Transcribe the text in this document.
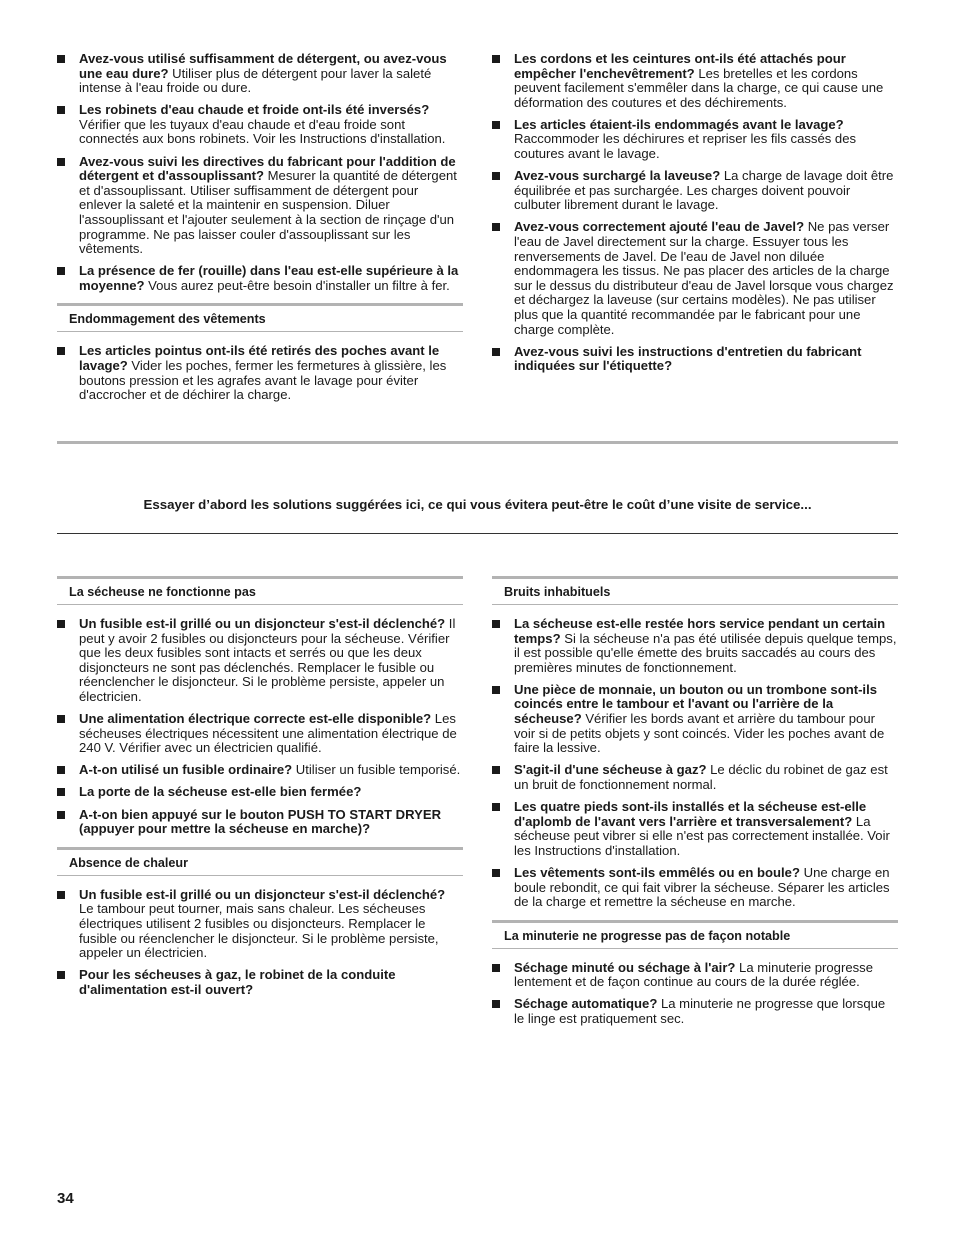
Avez-vous utilisé suffisamment de détergent, ou avez-vous une eau dure? Utiliser plus de détergent pour laver la saleté intense à l'eau froide ou dure.
Les robinets d'eau chaude et froide ont-ils été inversés? Vérifier que les tuyaux d'eau chaude et d'eau froide sont connectés aux bons robinets. Voir les Instructions d'installation.
Avez-vous suivi les directives du fabricant pour l'addition de détergent et d'assouplissant? Mesurer la quantité de détergent et d'assouplissant. Utiliser suffisamment de détergent pour enlever la saleté et la maintenir en suspension. Diluer l'assouplissant et l'ajouter seulement à la section de rinçage d'un programme. Ne pas laisser couler d'assouplissant sur les vêtements.
La présence de fer (rouille) dans l'eau est-elle supérieure à la moyenne? Vous aurez peut-être besoin d'installer un filtre à fer.
Endommagement des vêtements
Les articles pointus ont-ils été retirés des poches avant le lavage? Vider les poches, fermer les fermetures à glissière, les boutons pression et les agrafes avant le lavage pour éviter d'accrocher et de déchirer la charge.
Les cordons et les ceintures ont-ils été attachés pour empêcher l'enchevêtrement? Les bretelles et les cordons peuvent facilement s'emmêler dans la charge, ce qui cause une déformation des coutures et des déchirements.
Les articles étaient-ils endommagés avant le lavage? Raccommoder les déchirures et repriser les fils cassés des coutures avant le lavage.
Avez-vous surchargé la laveuse? La charge de lavage doit être équilibrée et pas surchargée. Les charges doivent pouvoir culbuter librement durant le lavage.
Avez-vous correctement ajouté l'eau de Javel? Ne pas verser l'eau de Javel directement sur la charge. Essuyer tous les renversements de Javel. De l'eau de Javel non diluée endommagera les tissus. Ne pas placer des articles de la charge sur le dessus du distributeur d'eau de Javel lorsque vous chargez et déchargez la laveuse (sur certains modèles). Ne pas utiliser plus que la quantité recommandée par le fabricant pour une charge complète.
Avez-vous suivi les instructions d'entretien du fabricant indiquées sur l'étiquette?
Essayer d’abord les solutions suggérées ici, ce qui vous évitera peut-être le coût d’une visite de service...
La sécheuse ne fonctionne pas
Un fusible est-il grillé ou un disjoncteur s'est-il déclenché? Il peut y avoir 2 fusibles ou disjoncteurs pour la sécheuse. Vérifier que les deux fusibles sont intacts et serrés ou que les deux disjoncteurs ne sont pas déclenchés. Remplacer le fusible ou réenclencher le disjoncteur. Si le problème persiste, appeler un électricien.
Une alimentation électrique correcte est-elle disponible? Les sécheuses électriques nécessitent une alimentation électrique de 240 V. Vérifier avec un électricien qualifié.
A-t-on utilisé un fusible ordinaire? Utiliser un fusible temporisé.
La porte de la sécheuse est-elle bien fermée?
A-t-on bien appuyé sur le bouton PUSH TO START DRYER (appuyer pour mettre la sécheuse en marche)?
Absence de chaleur
Un fusible est-il grillé ou un disjoncteur s'est-il déclenché? Le tambour peut tourner, mais sans chaleur. Les sécheuses électriques utilisent 2 fusibles ou disjoncteurs. Remplacer le fusible ou réenclencher le disjoncteur. Si le problème persiste, appeler un électricien.
Pour les sécheuses à gaz, le robinet de la conduite d'alimentation est-il ouvert?
Bruits inhabituels
La sécheuse est-elle restée hors service pendant un certain temps? Si la sécheuse n'a pas été utilisée depuis quelque temps, il est possible qu'elle émette des bruits saccadés au cours des premières minutes de fonctionnement.
Une pièce de monnaie, un bouton ou un trombone sont-ils coincés entre le tambour et l'avant ou l'arrière de la sécheuse? Vérifier les bords avant et arrière du tambour pour voir si de petits objets y sont coincés. Vider les poches avant de faire la lessive.
S'agit-il d'une sécheuse à gaz? Le déclic du robinet de gaz est un bruit de fonctionnement normal.
Les quatre pieds sont-ils installés et la sécheuse est-elle d'aplomb de l'avant vers l'arrière et transversalement? La sécheuse peut vibrer si elle n'est pas correctement installée. Voir les Instructions d'installation.
Les vêtements sont-ils emmêlés ou en boule? Une charge en boule rebondit, ce qui fait vibrer la sécheuse. Séparer les articles de la charge et remettre la sécheuse en marche.
La minuterie ne progresse pas de façon notable
Séchage minuté ou séchage à l'air? La minuterie progresse lentement et de façon continue au cours de la durée réglée.
Séchage automatique? La minuterie ne progresse que lorsque le linge est pratiquement sec.
34
